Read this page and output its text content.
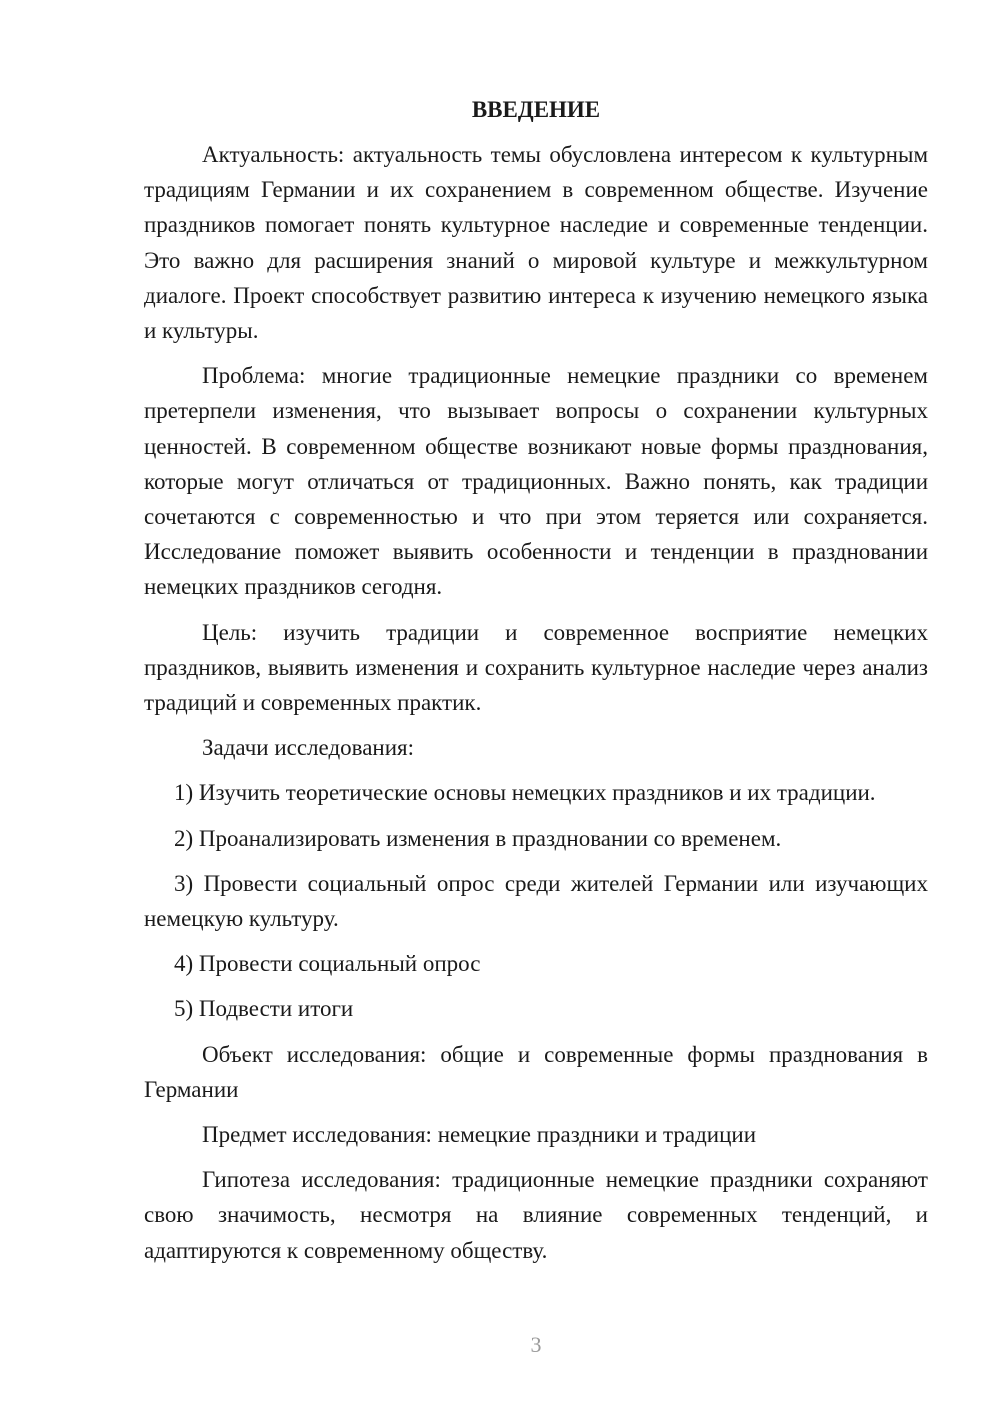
ВВЕДЕНИЕ

Актуальность: актуальность темы обусловлена интересом к культурным традициям Германии и их сохранением в современном обществе. Изучение праздников помогает понять культурное наследие и современные тенденции. Это важно для расширения знаний о мировой культуре и межкультурном диалоге. Проект способствует развитию интереса к изучению немецкого языка и культуры.

Проблема: многие традиционные немецкие праздники со временем претерпели изменения, что вызывает вопросы о сохранении культурных ценностей. В современном обществе возникают новые формы празднования, которые могут отличаться от традиционных. Важно понять, как традиции сочетаются с современностью и что при этом теряется или сохраняется. Исследование поможет выявить особенности и тенденции в праздновании немецких праздников сегодня.

Цель: изучить традиции и современное восприятие немецких праздников, выявить изменения и сохранить культурное наследие через анализ традиций и современных практик.

Задачи исследования:

1) Изучить теоретические основы немецких праздников и их традиции.

2) Проанализировать изменения в праздновании со временем.

3) Провести социальный опрос среди жителей Германии или изучающих немецкую культуру.

4) Провести социальный опрос

5) Подвести итоги

Объект исследования: общие и современные формы празднования в Германии

Предмет исследования: немецкие праздники и традиции

Гипотеза исследования: традиционные немецкие праздники сохраняют свою значимость, несмотря на влияние современных тенденций, и адаптируются к современному обществу.

3
